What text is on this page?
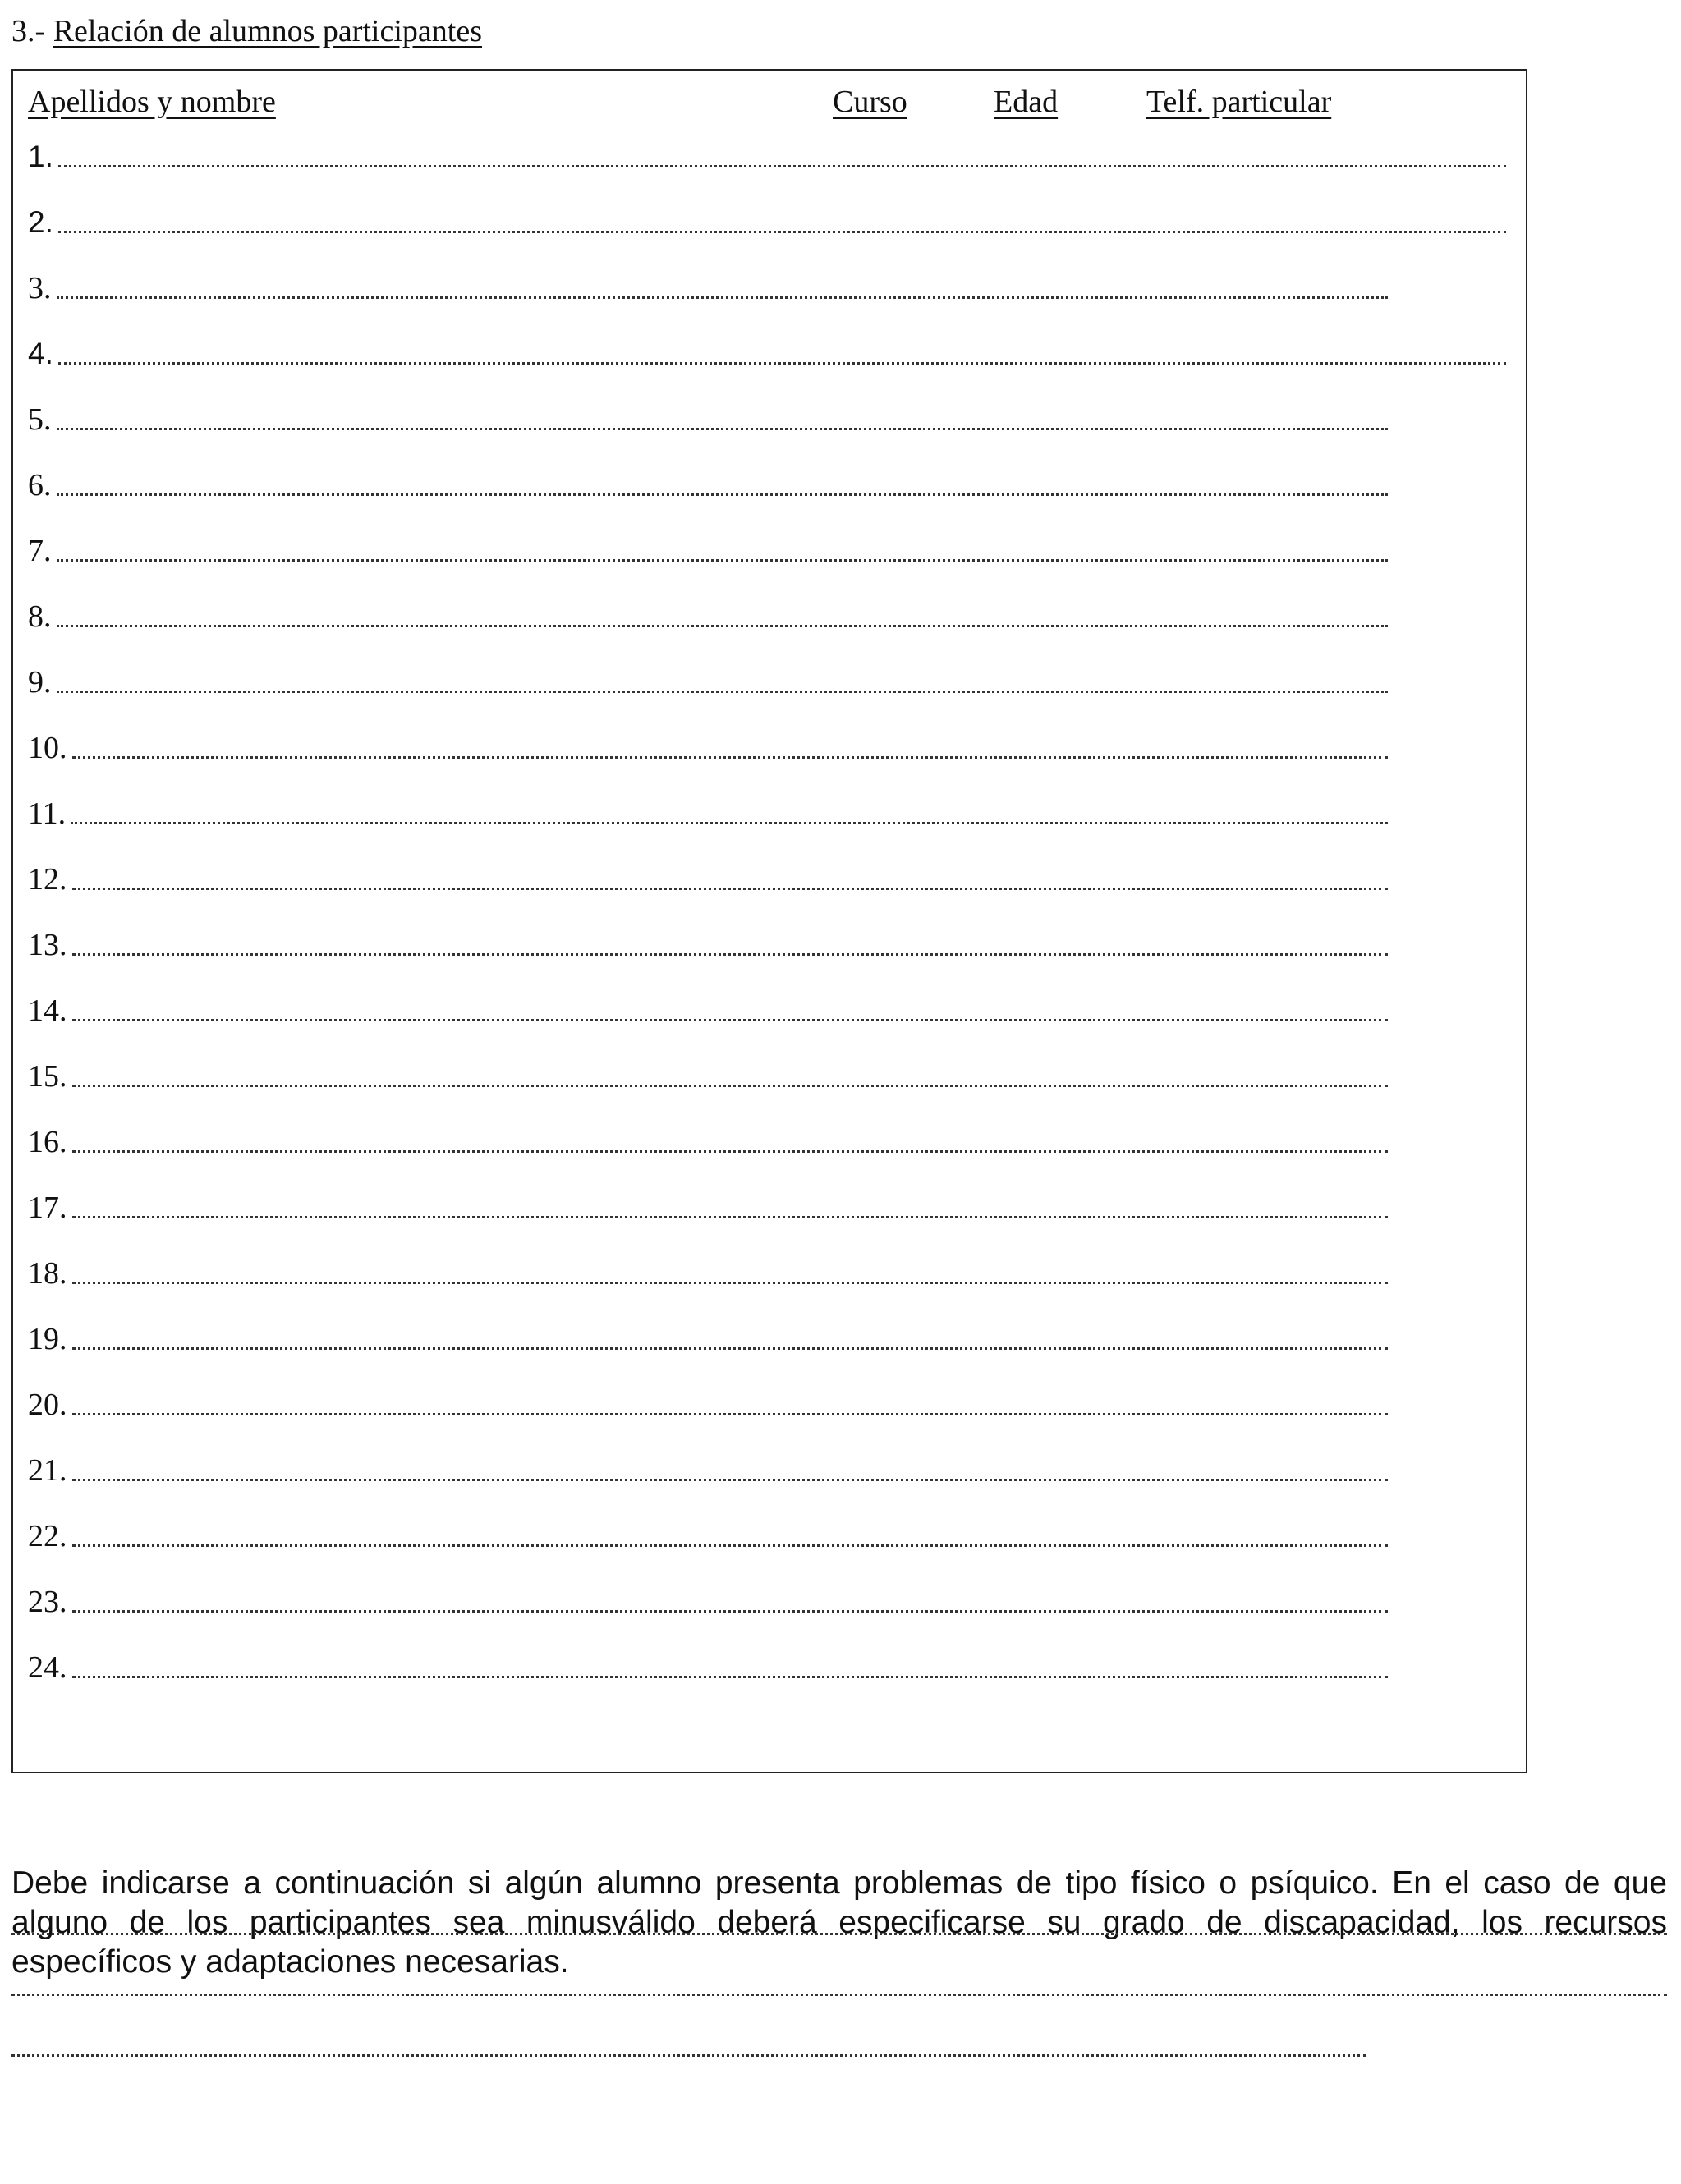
3.- Relación de alumnos participantes
Apellidos y nombre	Curso	Edad	Telf. particular
1.
2.
3.
4.
5.
6.
7.
8.
9.
10.
11.
12.
13.
14.
15.
16.
17.
18.
19.
20.
21.
22.
23.
24.
Debe indicarse a continuación si algún alumno presenta problemas de tipo físico o psíquico. En el caso de que alguno de los participantes sea minusválido deberá especificarse su grado de discapacidad, los recursos específicos y adaptaciones necesarias.
